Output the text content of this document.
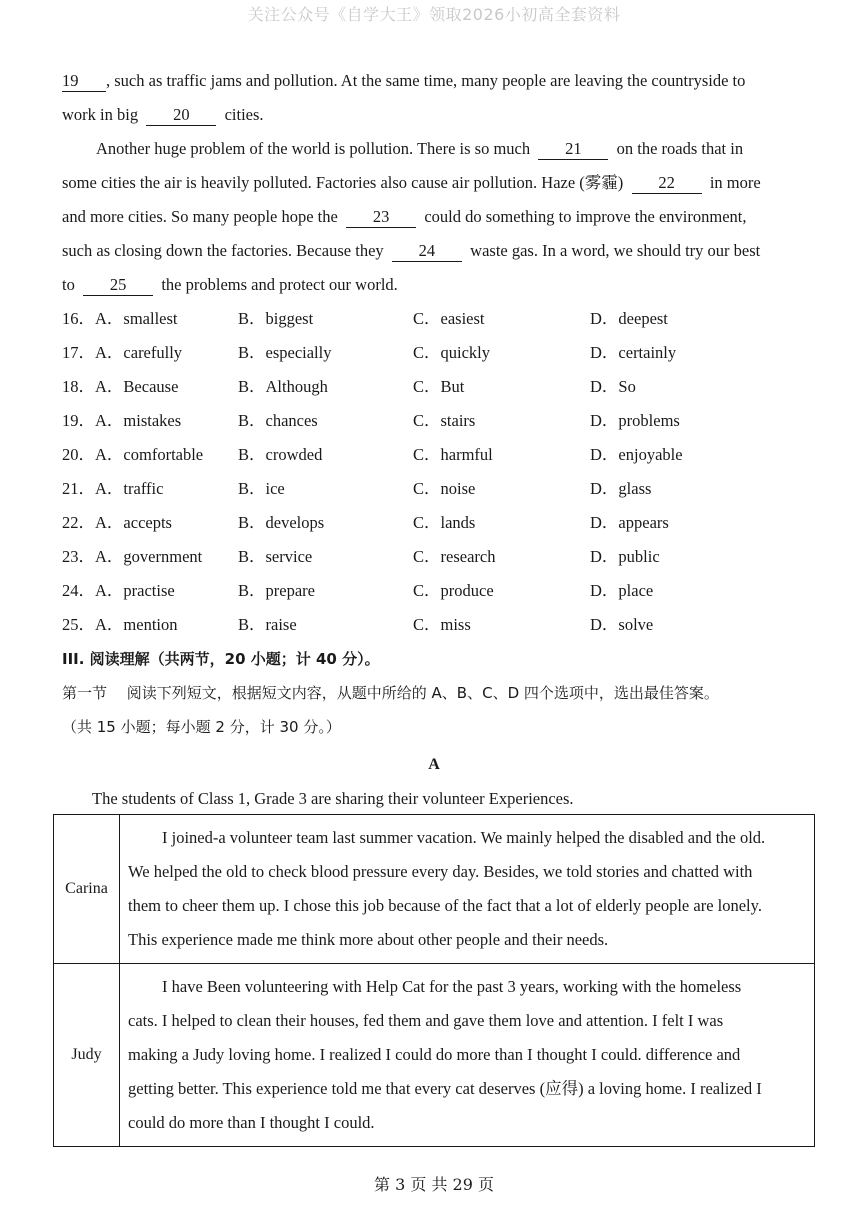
关注公众号《自学大王》领取2026小初高全套资料
19 , such as traffic jams and pollution. At the same time, many people are leaving the countryside to
work in big 20 cities.
Another huge problem of the world is pollution. There is so much 21 on the roads that in
some cities the air is heavily polluted. Factories also cause air pollution. Haze (雾霾) 22 in more
and more cities. So many people hope the 23 could do something to improve the environment,
such as closing down the factories. Because they 24 waste gas. In a word, we should try our best
to 25 the problems and protect our world.
16．A．smallest	B．biggest	C．easiest	D．deepest
17．A．carefully	B．especially	C．quickly	D．certainly
18．A．Because	B．Although	C．But	D．So
19．A．mistakes	B．chances	C．stairs	D．problems
20．A．comfortable B．crowded	C．harmful	D．enjoyable
21．A．traffic	B．ice	C．noise	D．glass
22．A．accepts	B．develops	C．lands	D．appears
23．A．government B．service	C．research	D．public
24．A．practise	B．prepare	C．produce	D．place
25．A．mention	B．raise	C．miss	D．solve
III. 阅读理解（共两节，20 小题；计 40 分）。
第一节　 阅读下列短文，根据短文内容，从题中所给的 A、B、C、D 四个选项中，选出最佳答案。
（共 15 小题；每小题 2 分，计 30 分。）
A
The students of Class 1, Grade 3 are sharing their volunteer Experiences.
Carina	I joined-a volunteer team last summer vacation. We mainly helped the disabled and the old.
We helped the old to check blood pressure every day. Besides, we told stories and chatted with
them to cheer them up. I chose this job because of the fact that a lot of elderly people are lonely.
This experience made me think more about other people and their needs.

Judy	I have Been volunteering with Help Cat for the past 3 years, working with the homeless
cats. I helped to clean their houses, fed them and gave them love and attention. I felt I was
making a Judy loving home. I realized I could do more than I thought I could. difference and
getting better. This experience told me that every cat deserves (应得) a loving home. I realized I
could do more than I thought I could.
第 3 页 共 29 页
